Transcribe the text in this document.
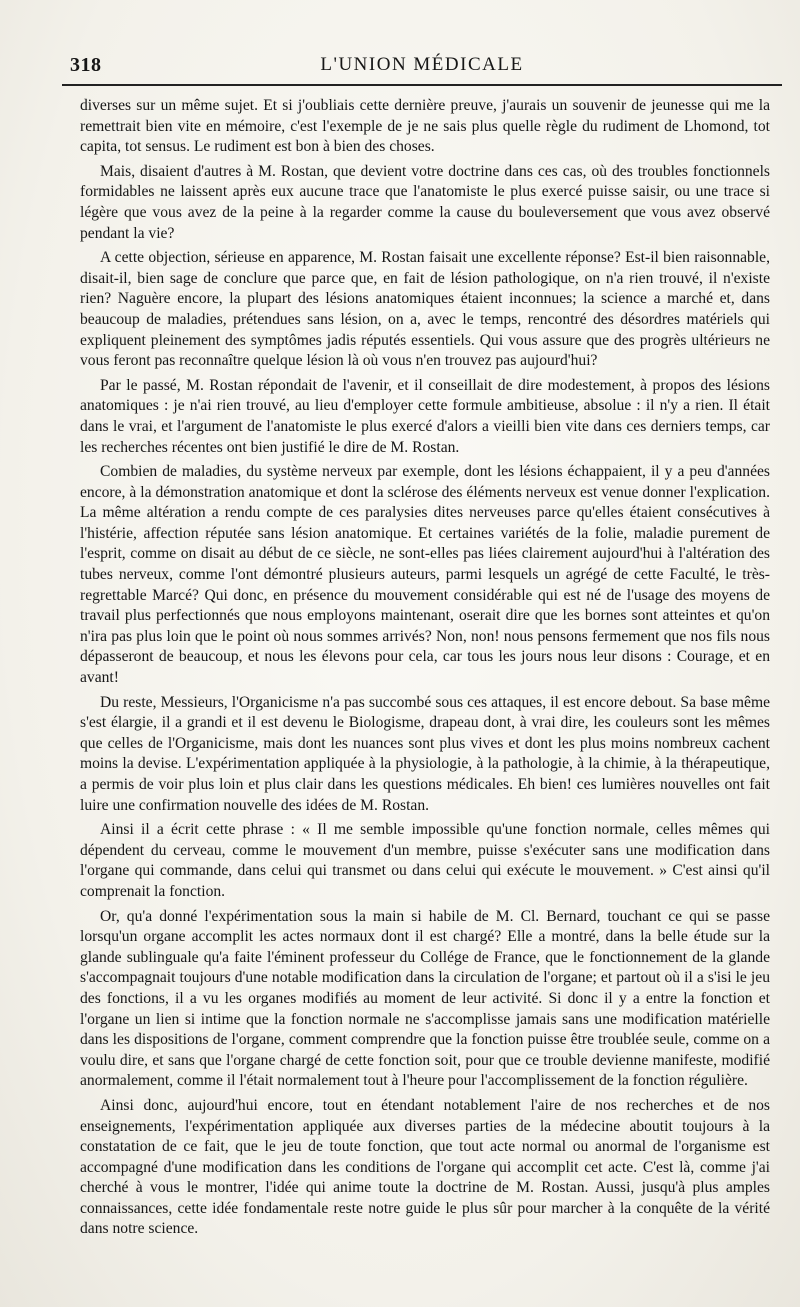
318	L'UNION MÉDICALE

diverses sur un même sujet. Et si j'oubliais cette dernière preuve, j'aurais un souvenir de jeunesse qui me la remettrait bien vite en mémoire, c'est l'exemple de je ne sais plus quelle règle du rudiment de Lhomond, tot capita, tot sensus. Le rudiment est bon à bien des choses.

Mais, disaient d'autres à M. Rostan, que devient votre doctrine dans ces cas, où des troubles fonctionnels formidables ne laissent après eux aucune trace que l'anatomiste le plus exercé puisse saisir, ou une trace si légère que vous avez de la peine à la regarder comme la cause du bouleversement que vous avez observé pendant la vie?

A cette objection, sérieuse en apparence, M. Rostan faisait une excellente réponse? Est-il bien raisonnable, disait-il, bien sage de conclure que parce que, en fait de lésion pathologique, on n'a rien trouvé, il n'existe rien? Naguère encore, la plupart des lésions anatomiques étaient inconnues; la science a marché et, dans beaucoup de maladies, prétendues sans lésion, on a, avec le temps, rencontré des désordres matériels qui expliquent pleinement des symptômes jadis réputés essentiels. Qui vous assure que des progrès ultérieurs ne vous feront pas reconnaître quelque lésion là où vous n'en trouvez pas aujourd'hui?

Par le passé, M. Rostan répondait de l'avenir, et il conseillait de dire modestement, à propos des lésions anatomiques : je n'ai rien trouvé, au lieu d'employer cette formule ambitieuse, absolue : il n'y a rien. Il était dans le vrai, et l'argument de l'anatomiste le plus exercé d'alors a vieilli bien vite dans ces derniers temps, car les recherches récentes ont bien justifié le dire de M. Rostan.

Combien de maladies, du système nerveux par exemple, dont les lésions échappaient, il y a peu d'années encore, à la démonstration anatomique et dont la sclérose des éléments nerveux est venue donner l'explication. La même altération a rendu compte de ces paralysies dites nerveuses parce qu'elles étaient consécutives à l'histérie, affection réputée sans lésion anatomique. Et certaines variétés de la folie, maladie purement de l'esprit, comme on disait au début de ce siècle, ne sont-elles pas liées clairement aujourd'hui à l'altération des tubes nerveux, comme l'ont démontré plusieurs auteurs, parmi lesquels un agrégé de cette Faculté, le très-regrettable Marcé? Qui donc, en présence du mouvement considérable qui est né de l'usage des moyens de travail plus perfectionnés que nous employons maintenant, oserait dire que les bornes sont atteintes et qu'on n'ira pas plus loin que le point où nous sommes arrivés? Non, non! nous pensons fermement que nos fils nous dépasseront de beaucoup, et nous les élevons pour cela, car tous les jours nous leur disons : Courage, et en avant!

Du reste, Messieurs, l'Organicisme n'a pas succombé sous ces attaques, il est encore debout. Sa base même s'est élargie, il a grandi et il est devenu le Biologisme, drapeau dont, à vrai dire, les couleurs sont les mêmes que celles de l'Organicisme, mais dont les nuances sont plus vives et dont les plus moins nombreux cachent moins la devise. L'expérimentation appliquée à la physiologie, à la pathologie, à la chimie, à la thérapeutique, a permis de voir plus loin et plus clair dans les questions médicales. Eh bien! ces lumières nouvelles ont fait luire une confirmation nouvelle des idées de M. Rostan.

Ainsi il a écrit cette phrase : « Il me semble impossible qu'une fonction normale, celles mêmes qui dépendent du cerveau, comme le mouvement d'un membre, puisse s'exécuter sans une modification dans l'organe qui commande, dans celui qui transmet ou dans celui qui exécute le mouvement. » C'est ainsi qu'il comprenait la fonction.

Or, qu'a donné l'expérimentation sous la main si habile de M. Cl. Bernard, touchant ce qui se passe lorsqu'un organe accomplit les actes normaux dont il est chargé? Elle a montré, dans la belle étude sur la glande sublinguale qu'a faite l'éminent professeur du Collége de France, que le fonctionnement de la glande s'accompagnait toujours d'une notable modification dans la circulation de l'organe; et partout où il a s'isi le jeu des fonctions, il a vu les organes modifiés au moment de leur activité. Si donc il y a entre la fonction et l'organe un lien si intime que la fonction normale ne s'accomplisse jamais sans une modification matérielle dans les dispositions de l'organe, comment comprendre que la fonction puisse être troublée seule, comme on a voulu dire, et sans que l'organe chargé de cette fonction soit, pour que ce trouble devienne manifeste, modifié anormalement, comme il l'était normalement tout à l'heure pour l'accomplissement de la fonction régulière.

Ainsi donc, aujourd'hui encore, tout en étendant notablement l'aire de nos recherches et de nos enseignements, l'expérimentation appliquée aux diverses parties de la médecine aboutit toujours à la constatation de ce fait, que le jeu de toute fonction, que tout acte normal ou anormal de l'organisme est accompagné d'une modification dans les conditions de l'organe qui accomplit cet acte. C'est là, comme j'ai cherché à vous le montrer, l'idée qui anime toute la doctrine de M. Rostan. Aussi, jusqu'à plus amples connaissances, cette idée fondamentale reste notre guide le plus sûr pour marcher à la conquête de la vérité dans notre science.
